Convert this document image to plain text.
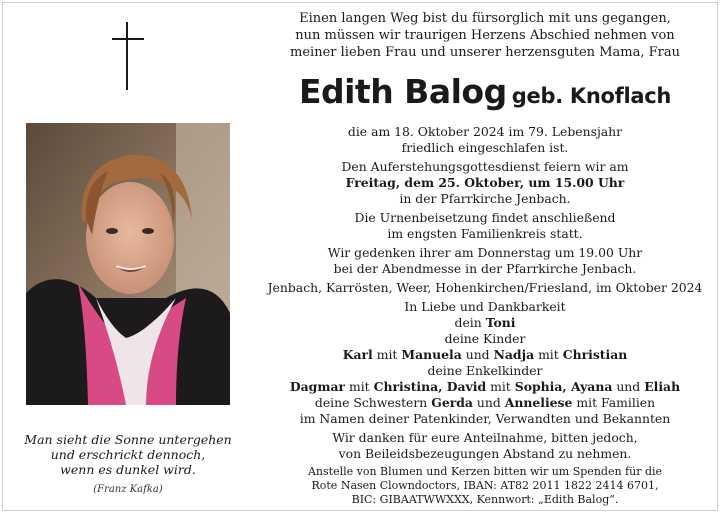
Man sieht die Sonne untergehen
und erschrickt dennoch,
wenn es dunkel wird.
(Franz Kafka)
Einen langen Weg bist du fürsorglich mit uns gegangen,
nun müssen wir traurigen Herzens Abschied nehmen von
meiner lieben Frau und unserer herzensguten Mama, Frau
Edith Balog geb. Knoflach
die am 18. Oktober 2024 im 79. Lebensjahr
friedlich eingeschlafen ist.
Den Auferstehungsgottesdienst feiern wir am
Freitag, dem 25. Oktober, um 15.00 Uhr
in der Pfarrkirche Jenbach.
Die Urnenbeisetzung findet anschließend
im engsten Familienkreis statt.
Wir gedenken ihrer am Donnerstag um 19.00 Uhr
bei der Abendmesse in der Pfarrkirche Jenbach.
Jenbach, Karrösten, Weer, Hohenkirchen/Friesland, im Oktober 2024
In Liebe und Dankbarkeit
dein Toni
deine Kinder
Karl mit Manuela und Nadja mit Christian
deine Enkelkinder
Dagmar mit Christina, David mit Sophia, Ayana und Eliah
deine Schwestern Gerda und Anneliese mit Familien
im Namen deiner Patenkinder, Verwandten und Bekannten
Wir danken für eure Anteilnahme, bitten jedoch,
von Beileidsbezeugungen Abstand zu nehmen.
Anstelle von Blumen und Kerzen bitten wir um Spenden für die
Rote Nasen Clowndoctors, IBAN: AT82 2011 1822 2414 6701,
BIC: GIBAATWWXXX, Kennwort: „Edith Balog“.
